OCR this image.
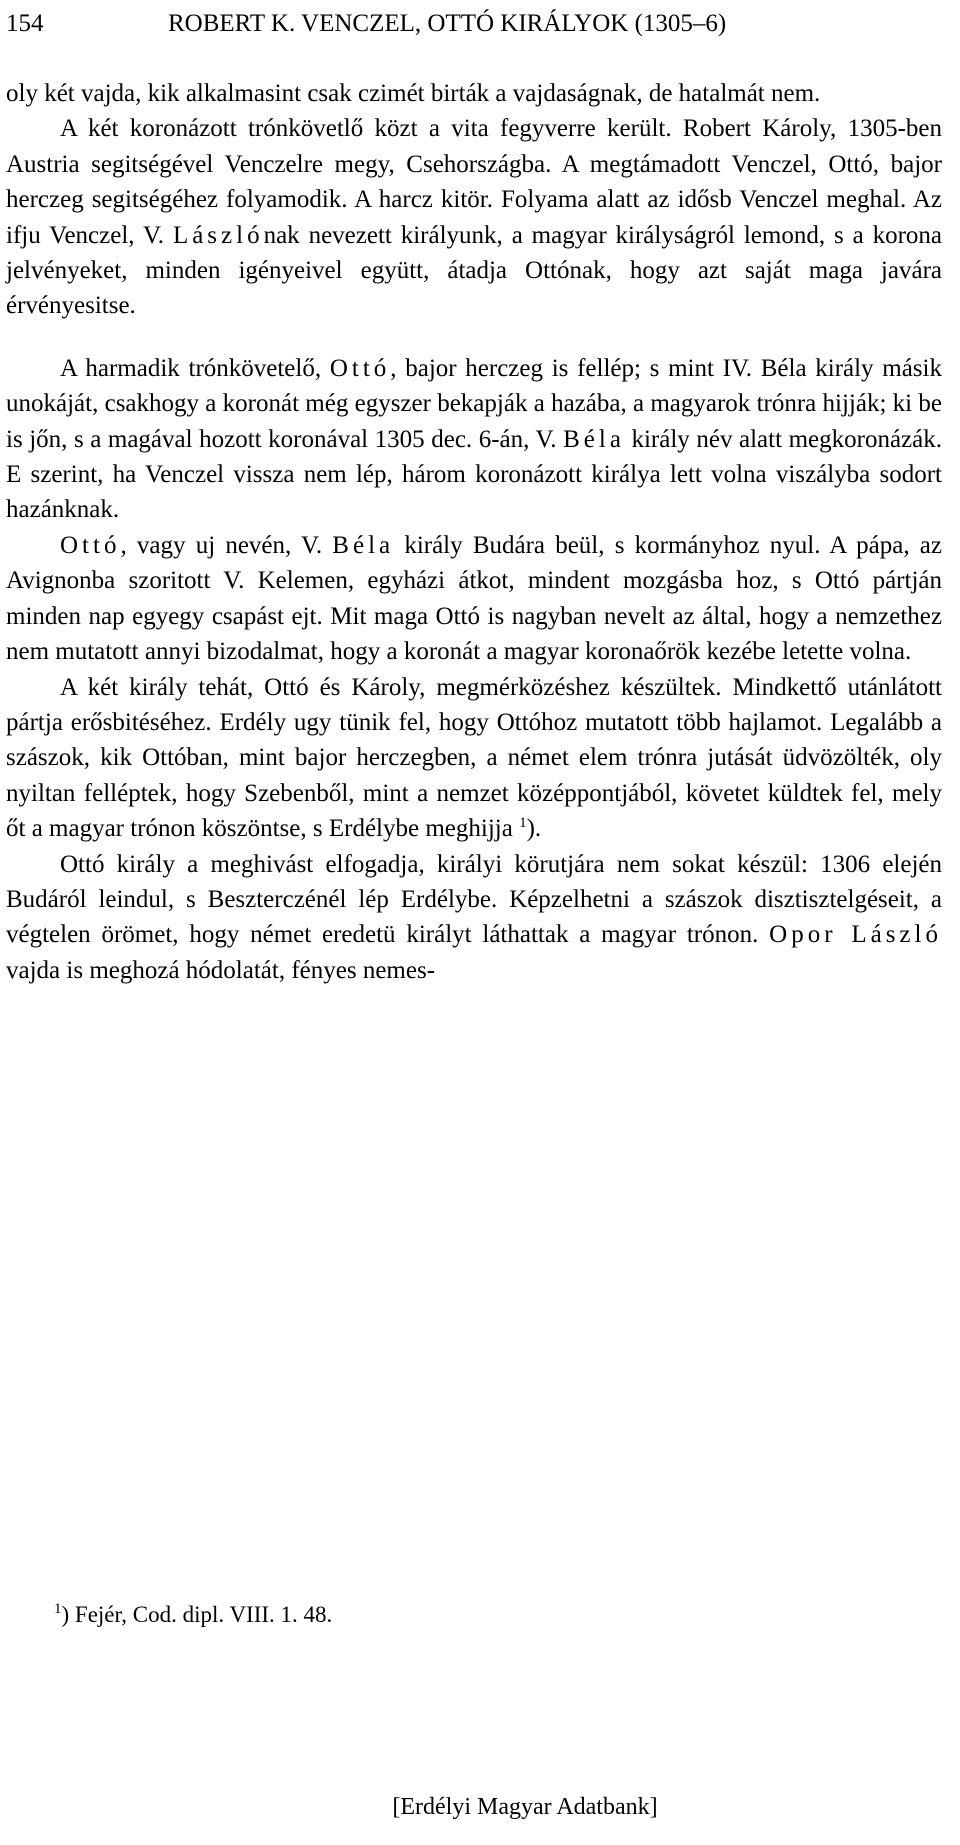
154	ROBERT K. VENCZEL, OTTÓ KIRÁLYOK (1305–6)

oly két vajda, kik alkalmasint csak czimét birták a vajdaságnak, de hatalmát nem.

A két koronázott trónkövetlő közt a vita fegyverre került. Robert Károly, 1305-ben Austria segitségével Venczelre megy, Csehországba. A megtámadott Venczel, Ottó, bajor herczeg segitségéhez folyamodik. A harcz kitör. Folyama alatt az idősb Venczel meghal. Az ifju Venczel, V. Lászlónak nevezett királyunk, a magyar királyságról lemond, s a korona jelvényeket, minden igényeivel együtt, átadja Ottónak, hogy azt saját maga javára érvényesitse.

A harmadik trónkövetelő, Ottó, bajor herczeg is fellép; s mint IV. Béla király másik unokáját, csakhogy a koronát még egyszer bekapják a hazába, a magyarok trónra hijják; ki be is jőn, s a magával hozott koronával 1305 dec. 6-án, V. Béla király név alatt megkoronázák. E szerint, ha Venczel vissza nem lép, három koronázott királya lett volna viszályba sodort hazánknak.

Ottó, vagy uj nevén, V. Béla király Budára beül, s kormányhoz nyul. A pápa, az Avignonba szoritott V. Kelemen, egyházi átkot, mindent mozgásba hoz, s Ottó pártján minden nap egyegy csapást ejt. Mit maga Ottó is nagyban nevelt az által, hogy a nemzethez nem mutatott annyi bizodalmat, hogy a koronát a magyar koronaőrök kezébe letette volna.

A két király tehát, Ottó és Károly, megmérközéshez készültek. Mindkettő utánlátott pártja erősbitéséhez. Erdély ugy tünik fel, hogy Ottóhoz mutatott több hajlamot. Legalább a szászok, kik Ottóban, mint bajor herczegben, a német elem trónra jutását üdvözölték, oly nyiltan felléptek, hogy Szebenből, mint a nemzet középpontjából, követet küldtek fel, mely őt a magyar trónon köszöntse, s Erdélybe meghijja $^1$).

Ottó király a meghivást elfogadja, királyi körutjára nem sokat készül: 1306 elején Budáról leindul, s Beszterczénél lép Erdélybe. Képzelhetni a szászok disztisztelgéseit, a végtelen örömet, hogy német eredetü királyt láthattak a magyar trónon. Opor László vajda is meghozá hódolatát, fényes nemes-

$^1$) Fejér, Cod. dipl. VIII. 1. 48.
[Erdélyi Magyar Adatbank]
